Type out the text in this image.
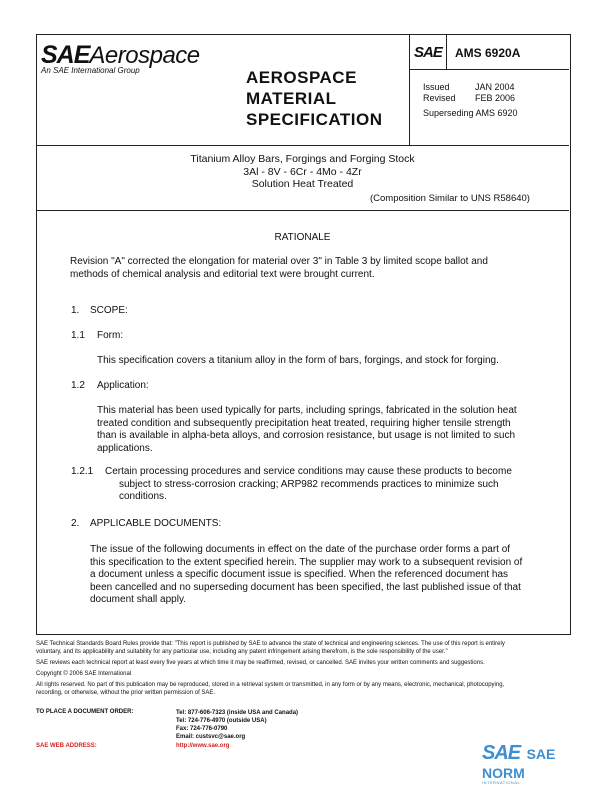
SAEAerospace
An SAE International Group	AEROSPACE
MATERIAL
SPECIFICATION
SAE AMS 6920A
Issued	JAN 2004
Revised FEB 2006
Superseding AMS 6920
Titanium Alloy Bars, Forgings and Forging Stock
3Al - 8V - 6Cr - 4Mo - 4Zr
Solution Heat Treated
(Composition Similar to UNS R58640)
RATIONALE
Revision "A" corrected the elongation for material over 3" in Table 3 by limited scope ballot and
methods of chemical analysis and editorial text were brought current.
1. SCOPE:
1.1 Form:
This specification covers a titanium alloy in the form of bars, forgings, and stock for forging.
1.2 Application:
This material has been used typically for parts, including springs, fabricated in the solution heat
treated condition and subsequently precipitation heat treated, requiring higher tensile strength
than is available in alpha-beta alloys, and corrosion resistance, but usage is not limited to such
applications.
1.2.1 Certain processing procedures and service conditions may cause these products to become
subject to stress-corrosion cracking; ARP982 recommends practices to minimize such
conditions.
2. APPLICABLE DOCUMENTS:
The issue of the following documents in effect on the date of the purchase order forms a part of
this specification to the extent specified herein. The supplier may work to a subsequent revision of
a document unless a specific document issue is specified. When the referenced document has
been cancelled and no superseding document has been specified, the last published issue of that
document shall apply.
SAE Technical Standards Board Rules provide that: "This report is published by SAE to advance the state of technical and engineering sciences. The use of this report is entirely
voluntary, and its applicability and suitability for any particular use, including any patent infringement arising therefrom, is the sole responsibility of the user."
SAE reviews each technical report at least every five years at which time it may be reaffirmed, revised, or cancelled. SAE invites your written comments and suggestions.
Copyright © 2006 SAE International
All rights reserved. No part of this publication may be reproduced, stored in a retrieval system or transmitted, in any form or by any means, electronic, mechanical, photocopying,
recording, or otherwise, without the prior written permission of SAE.
TO PLACE A DOCUMENT ORDER:	Tel: 877-606-7323 (inside USA and Canada)
Tel: 724-776-4970 (outside USA)
Fax: 724-776-0790
Email: custsvc@sae.org
SAE WEB ADDRESS:	http://www.sae.org	SAE SAE NORM
INTERNATIONAL
